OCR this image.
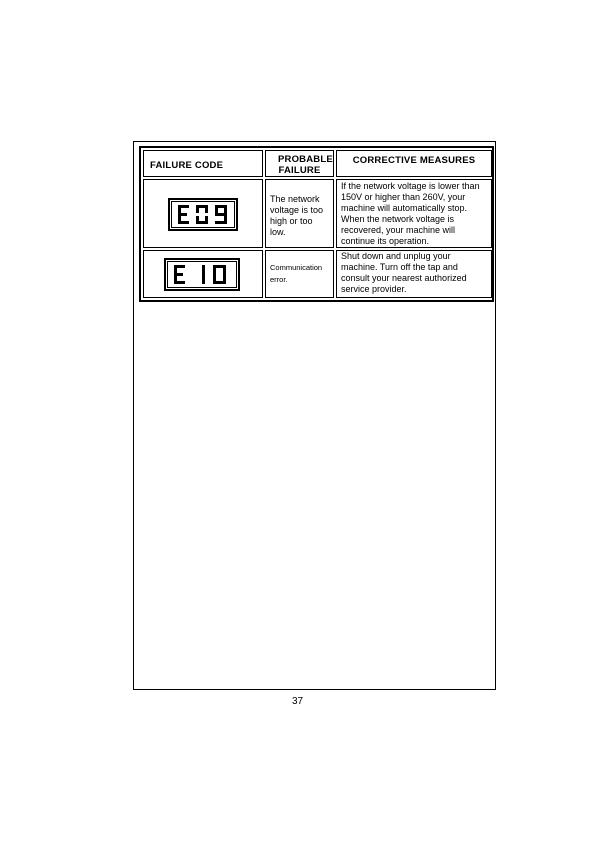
FAILURE CODE
PROBABLE FAILURE
CORRECTIVE MEASURES
The network voltage is too high or too low.
If the network voltage is lower than 150V or higher than 260V, your machine will automatically stop. When the network voltage is recovered, your machine will continue its operation.
Communication error.
Shut down and unplug your machine. Turn off the tap and consult your nearest authorized service provider.
37
